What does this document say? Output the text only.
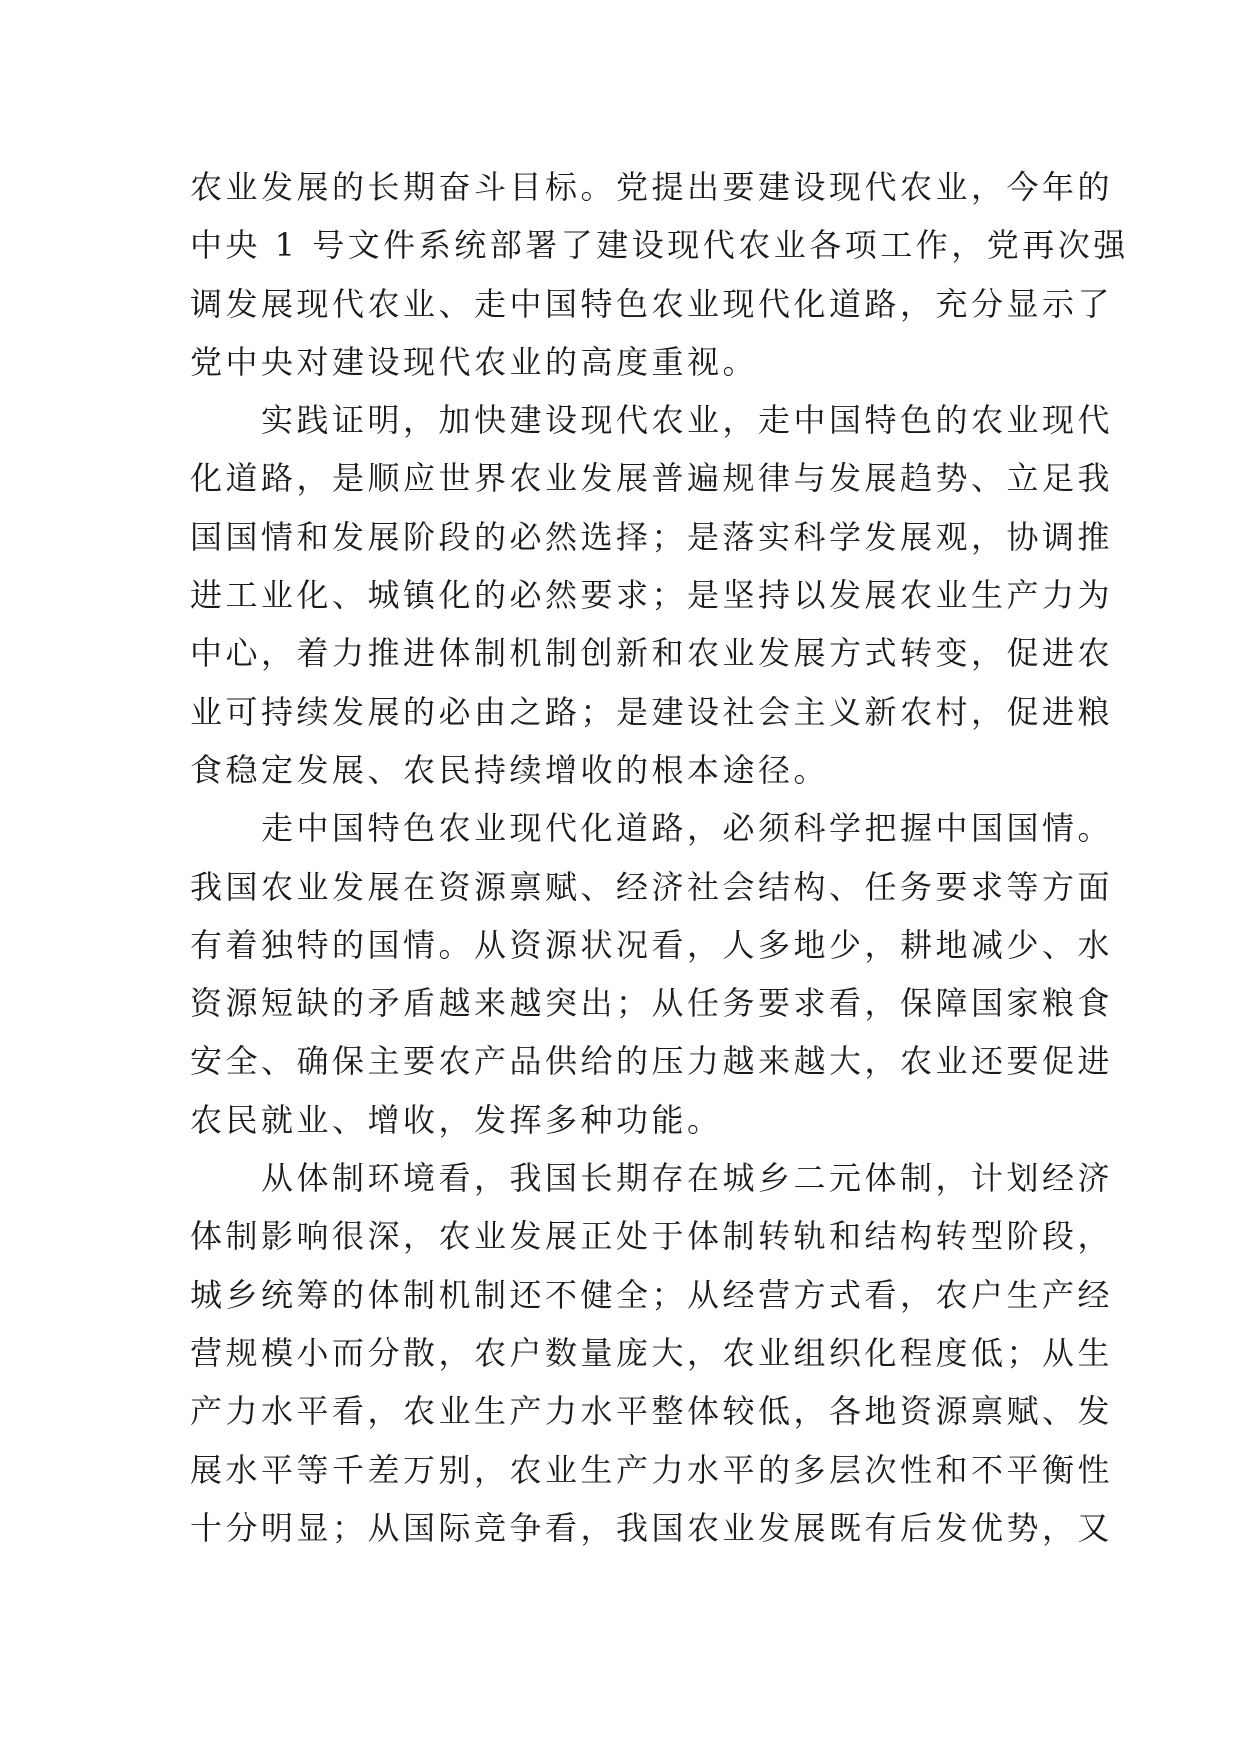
农业发展的长期奋斗目标。党提出要建设现代农业，今年的
中央 1 号文件系统部署了建设现代农业各项工作，党再次强
调发展现代农业、走中国特色农业现代化道路，充分显示了
党中央对建设现代农业的高度重视。
　　实践证明，加快建设现代农业，走中国特色的农业现代
化道路，是顺应世界农业发展普遍规律与发展趋势、立足我
国国情和发展阶段的必然选择；是落实科学发展观，协调推
进工业化、城镇化的必然要求；是坚持以发展农业生产力为
中心，着力推进体制机制创新和农业发展方式转变，促进农
业可持续发展的必由之路；是建设社会主义新农村，促进粮
食稳定发展、农民持续增收的根本途径。
　　走中国特色农业现代化道路，必须科学把握中国国情。
我国农业发展在资源禀赋、经济社会结构、任务要求等方面
有着独特的国情。从资源状况看，人多地少，耕地减少、水
资源短缺的矛盾越来越突出；从任务要求看，保障国家粮食
安全、确保主要农产品供给的压力越来越大，农业还要促进
农民就业、增收，发挥多种功能。
　　从体制环境看，我国长期存在城乡二元体制，计划经济
体制影响很深，农业发展正处于体制转轨和结构转型阶段，
城乡统筹的体制机制还不健全；从经营方式看，农户生产经
营规模小而分散，农户数量庞大，农业组织化程度低；从生
产力水平看，农业生产力水平整体较低，各地资源禀赋、发
展水平等千差万别，农业生产力水平的多层次性和不平衡性
十分明显；从国际竞争看，我国农业发展既有后发优势，又
